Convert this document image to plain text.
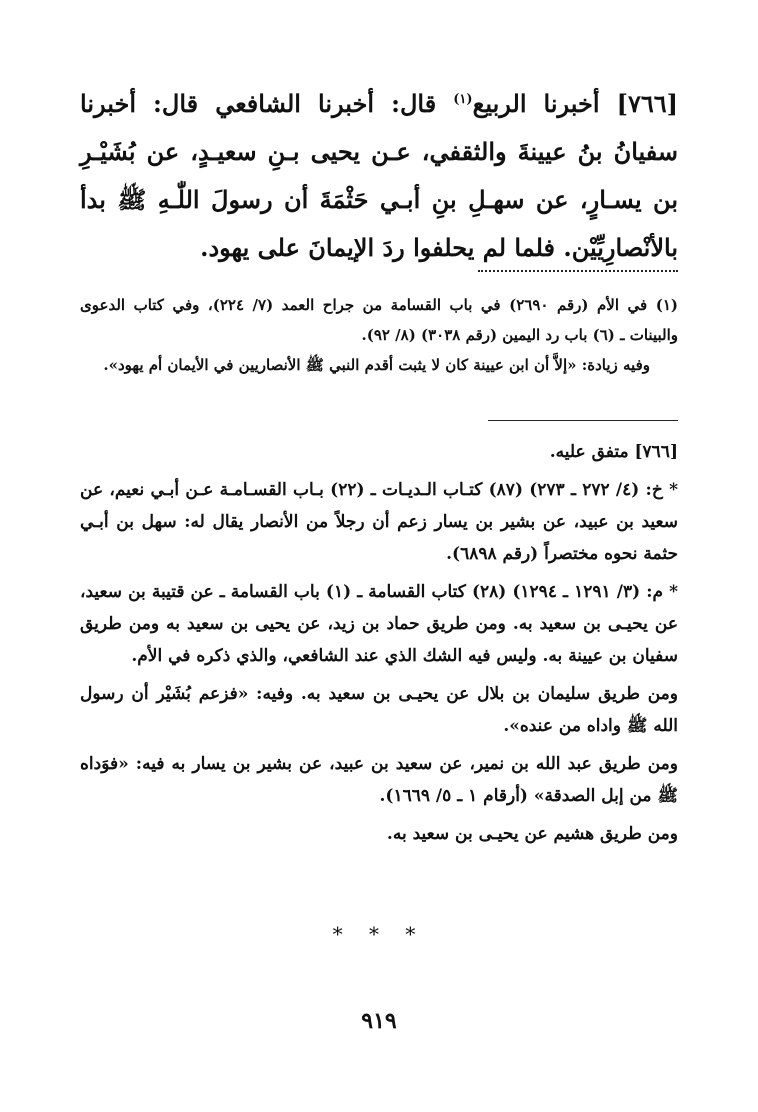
[٧٦٦] أخبرنا الربيع$^{(١)}$ قال: أخبرنا الشافعي قال: أخبرنا سفيانُ بنُ عيينةَ والثقفي، عـن يحيى بـنِ سعيـدٍ، عن بُشَيْـرِ بن يسـارٍ، عن سهـلِ بنِ أبـي حَثْمَةَ أن رسولَ اللّٰـهِ ﷺ بدأ بالأنْصارِيِّيْن. فلما لم يحلفوا ردَ الإيمانَ على يهود.

(١) في الأم (رقم ٢٦٩٠) في باب القسامة من جراح العمد (٧/ ٢٢٤)، وفي كتاب الدعوى والبينات ـ (٦) باب رد اليمين (رقم ٣٠٣٨) (٨/ ٩٢).

وفيه زيادة: «إلاَّ أن ابن عيينة كان لا يثبت أقدم النبي ﷺ الأنصاريين في الأيمان أم يهود».

[٧٦٦] متفق عليه.

* خ: (٤/ ٢٧٢ ـ ٢٧٣) (٨٧) كتـاب الـديـات ـ (٢٢) بـاب القسـامـة عـن أبـي نعيم، عن سعيد بن عبيد، عن بشير بن يسار زعم أن رجلاً من الأنصار يقال له: سهل بن أبـي حثمة نحوه مختصراً (رقم ٦٨٩٨).

* م: (٣/ ١٢٩١ ـ ١٢٩٤) (٢٨) كتاب القسامة ـ (١) باب القسامة ـ عن قتيبة بن سعيد، عن يحيـى بن سعيد به. ومن طريق حماد بن زيد، عن يحيى بن سعيد به ومن طريق سفيان بن عيينة به. وليس فيه الشك الذي عند الشافعي، والذي ذكره في الأم.

ومن طريق سليمان بن بلال عن يحيـى بن سعيد به. وفيه: «فزعم بُشَيْر أن رسول الله ﷺ واداه من عنده».

ومن طريق عبد الله بن نمير، عن سعيد بن عبيد، عن بشير بن يسار به فيه: «فوَداه ﷺ من إبل الصدقة» (أرقام ١ ـ ٥/ ١٦٦٩).

ومن طريق هشيم عن يحيـى بن سعيد به.

* * *
٩١٩
